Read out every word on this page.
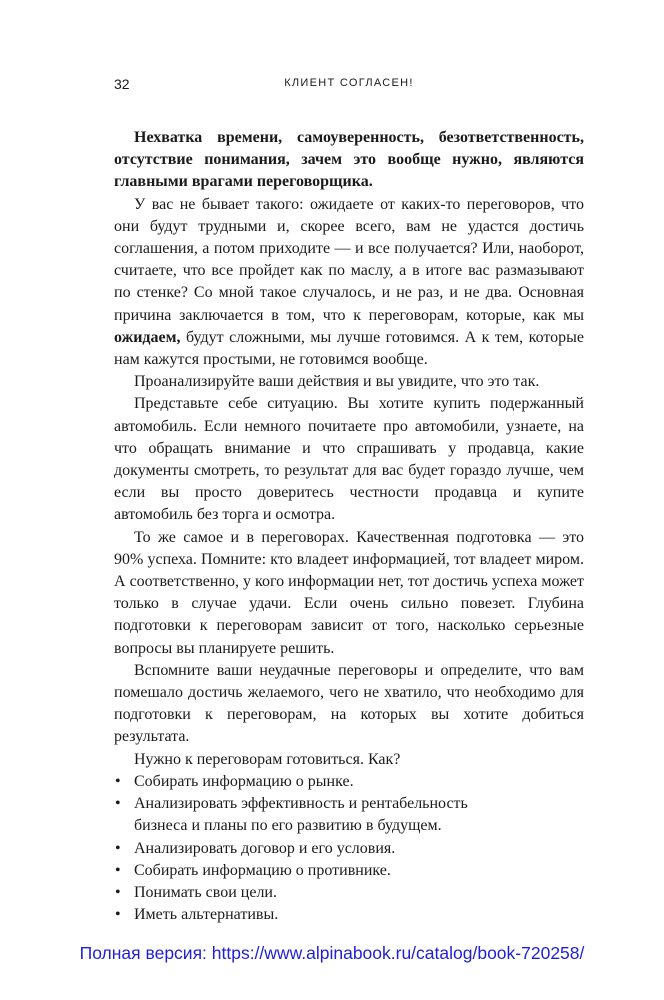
32	КЛИЕНТ СОГЛАСЕН!

Нехватка времени, самоуверенность, безответственность, отсутствие понимания, зачем это вообще нужно, являются главными врагами переговорщика.

У вас не бывает такого: ожидаете от каких-то переговоров, что они будут трудными и, скорее всего, вам не удастся достичь соглашения, а потом приходите — и все получается? Или, наоборот, считаете, что все пройдет как по маслу, а в итоге вас размазывают по стенке? Со мной такое случалось, и не раз, и не два. Основная причина заключается в том, что к переговорам, которые, как мы ожидаем, будут сложными, мы лучше готовимся. А к тем, которые нам кажутся простыми, не готовимся вообще.

Проанализируйте ваши действия и вы увидите, что это так.

Представьте себе ситуацию. Вы хотите купить подержанный автомобиль. Если немного почитаете про автомобили, узнаете, на что обращать внимание и что спрашивать у продавца, какие документы смотреть, то результат для вас будет гораздо лучше, чем если вы просто доверитесь честности продавца и купите автомобиль без торга и осмотра.

То же самое и в переговорах. Качественная подготовка — это 90% успеха. Помните: кто владеет информацией, тот владеет миром. А соответственно, у кого информации нет, тот достичь успеха может только в случае удачи. Если очень сильно повезет. Глубина подготовки к переговорам зависит от того, насколько серьезные вопросы вы планируете решить.

Вспомните ваши неудачные переговоры и определите, что вам помешало достичь желаемого, чего не хватило, что необходимо для подготовки к переговорам, на которых вы хотите добиться результата.

Нужно к переговорам готовиться. Как?

• Собирать информацию о рынке.
• Анализировать эффективность и рентабельность бизнеса и планы по его развитию в будущем.
• Анализировать договор и его условия.
• Собирать информацию о противнике.
• Понимать свои цели.
• Иметь альтернативы.
Полная версия: https://www.alpinabook.ru/catalog/book-720258/
